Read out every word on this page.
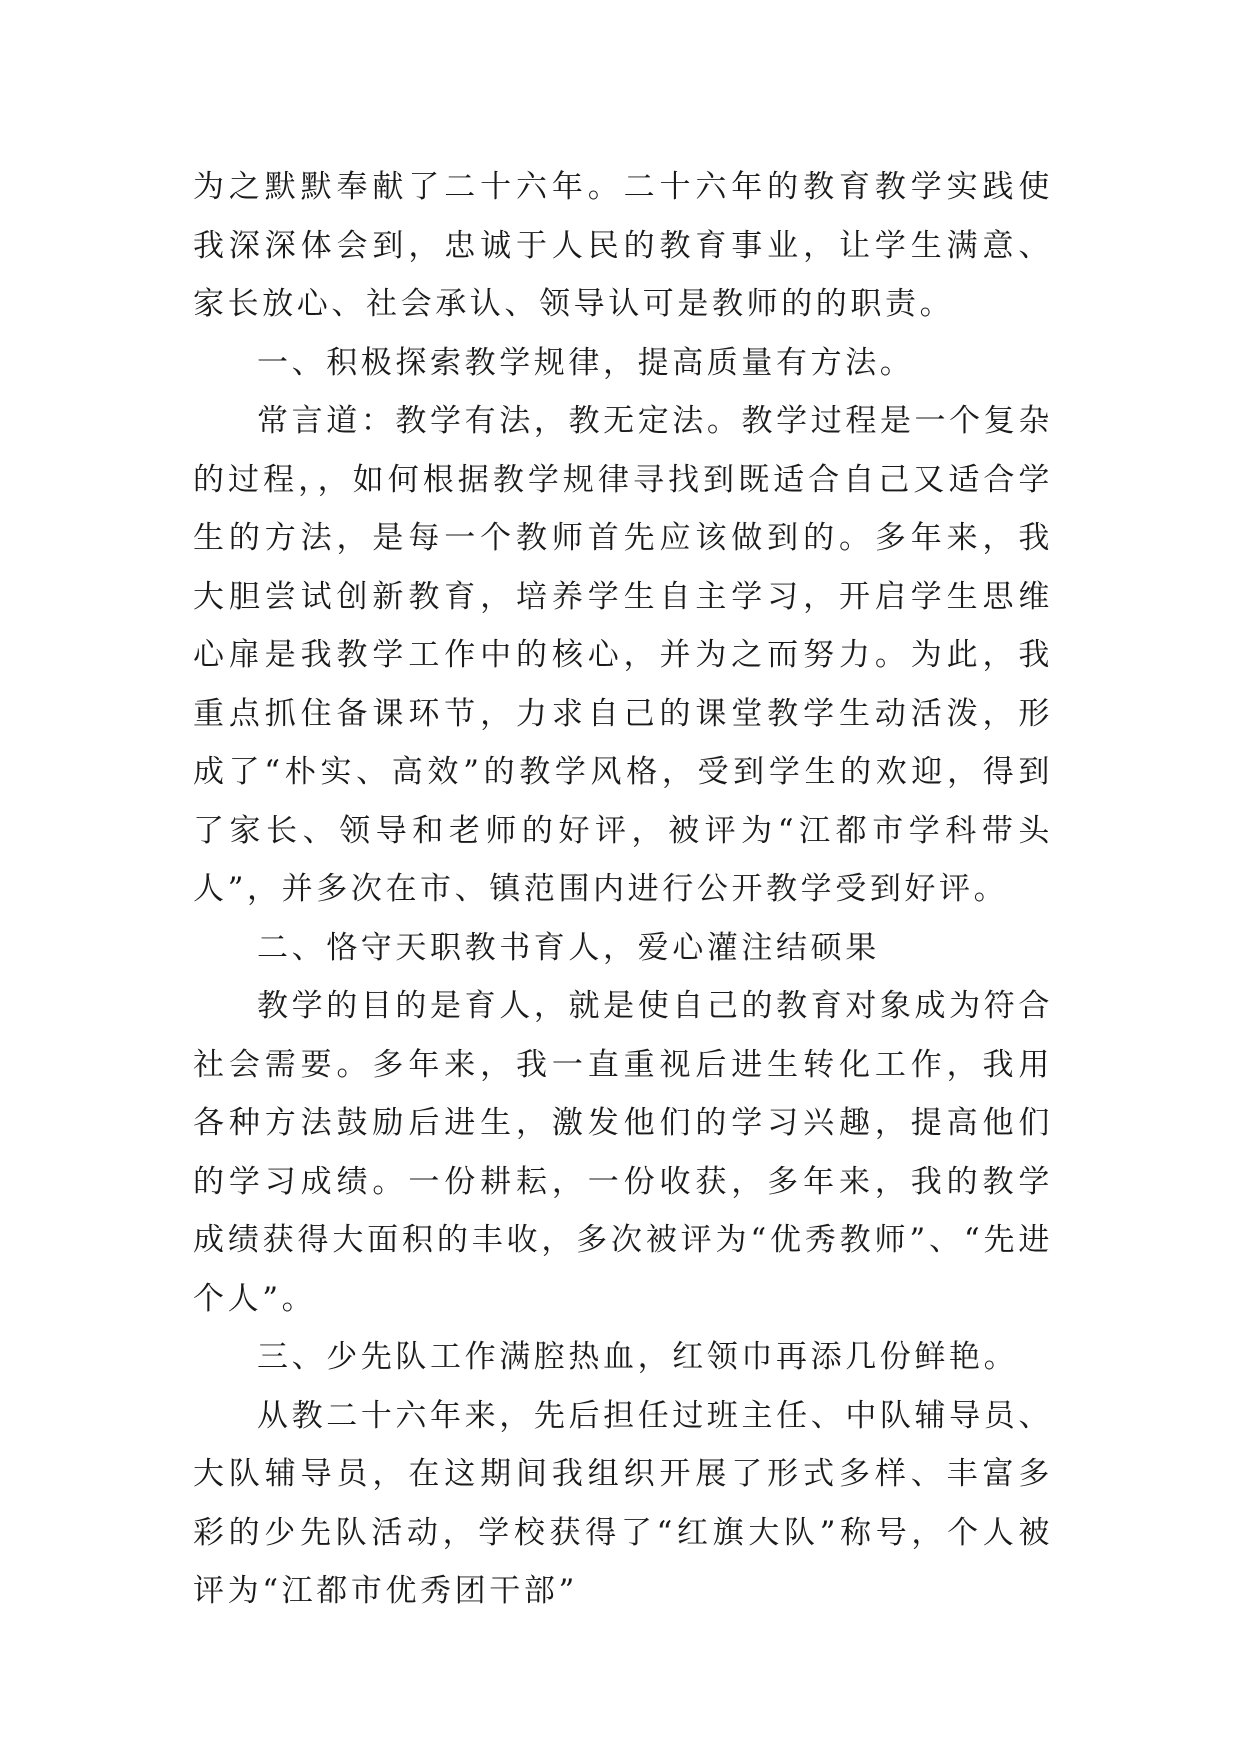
为之默默奉献了二十六年。二十六年的教育教学实践使我深深体会到，忠诚于人民的教育事业，让学生满意、家长放心、社会承认、领导认可是教师的的职责。

一、积极探索教学规律，提高质量有方法。

常言道：教学有法，教无定法。教学过程是一个复杂的过程，，如何根据教学规律寻找到既适合自己又适合学生的方法，是每一个教师首先应该做到的。多年来，我大胆尝试创新教育，培养学生自主学习，开启学生思维心扉是我教学工作中的核心，并为之而努力。为此，我重点抓住备课环节，力求自己的课堂教学生动活泼，形成了“朴实、高效”的教学风格，受到学生的欢迎，得到了家长、领导和老师的好评，被评为“江都市学科带头人”，并多次在市、镇范围内进行公开教学受到好评。

二、恪守天职教书育人，爱心灌注结硕果

教学的目的是育人，就是使自己的教育对象成为符合社会需要。多年来，我一直重视后进生转化工作，我用各种方法鼓励后进生，激发他们的学习兴趣，提高他们的学习成绩。一份耕耘，一份收获，多年来，我的教学成绩获得大面积的丰收，多次被评为“优秀教师”、“先进个人”。

三、少先队工作满腔热血，红领巾再添几份鲜艳。

从教二十六年来，先后担任过班主任、中队辅导员、大队辅导员，在这期间我组织开展了形式多样、丰富多彩的少先队活动，学校获得了“红旗大队”称号，个人被评为“江都市优秀团干部”
